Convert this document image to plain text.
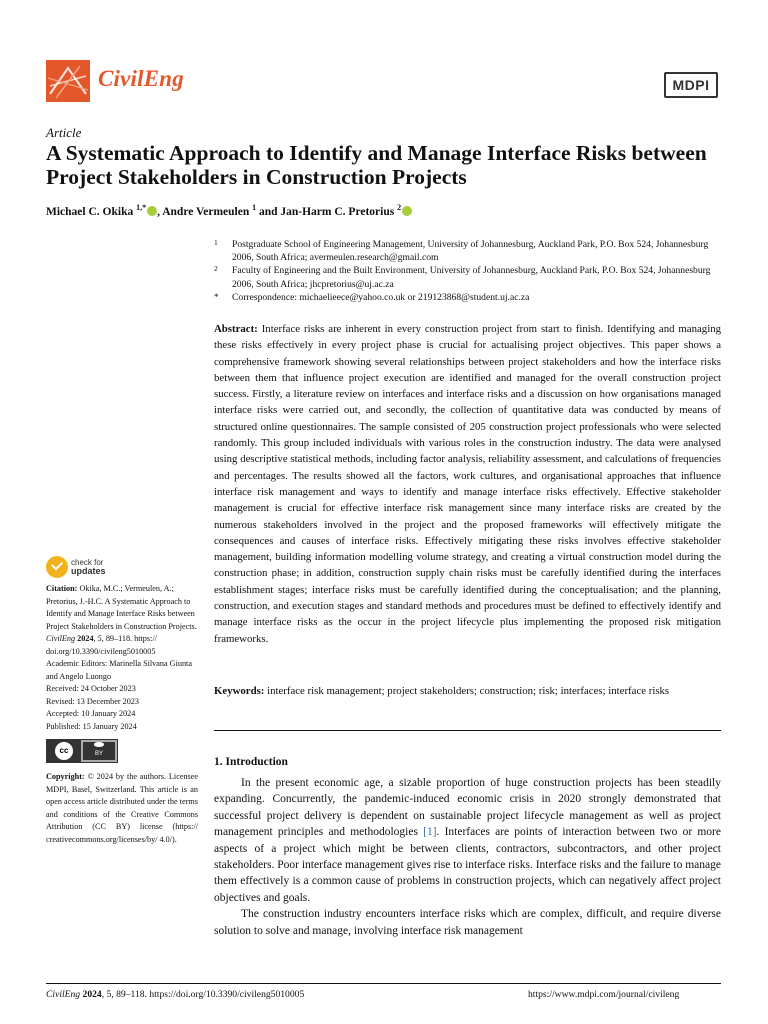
CivilEng	MDPI
Article
A Systematic Approach to Identify and Manage Interface Risks between Project Stakeholders in Construction Projects
Michael C. Okika $^{1,*}$ , Andre Vermeulen $^1$ and Jan-Harm C. Pretorius $^2$
1 Postgraduate School of Engineering Management, University of Johannesburg, Auckland Park, P.O. Box 524, Johannesburg 2006, South Africa; avermeulen.research@gmail.com
2 Faculty of Engineering and the Built Environment, University of Johannesburg, Auckland Park, P.O. Box 524, Johannesburg 2006, South Africa; jhcpretorius@uj.ac.za
* Correspondence: michaelieece@yahoo.co.uk or 219123868@student.uj.ac.za
Abstract: Interface risks are inherent in every construction project from start to finish. Identifying and managing these risks effectively in every project phase is crucial for actualising project objectives. This paper shows a comprehensive framework showing several relationships between project stakeholders and how the interface risks between them that influence project execution are identified and managed for the overall construction project success. Firstly, a literature review on interfaces and interface risks and a discussion on how organisations managed interface risks were carried out, and secondly, the collection of quantitative data was conducted by means of structured online questionnaires. The sample consisted of 205 construction project professionals who were selected randomly. This group included individuals with various roles in the construction industry. The data were analysed using descriptive statistical methods, including factor analysis, reliability assessment, and calculations of frequencies and percentages. The results showed all the factors, work cultures, and organisational approaches that influence interface risk management and ways to identify and manage interface risks effectively. Effective stakeholder management is crucial for effective interface risk management since many interface risks are created by the numerous stakeholders involved in the project and the proposed frameworks will effectively mitigate the consequences and causes of interface risks. Effectively mitigating these risks involves effective stakeholder management, building information modelling volume strategy, and creating a virtual construction model during the construction phase; in addition, construction supply chain risks must be carefully identified during the interfaces establishment stages; interface risks must be carefully identified during the conceptualisation; and the planning, construction, and execution stages and standard methods and procedures must be defined to effectively identify and manage interface risks as the occur in the project lifecycle plus implementing the proposed risk mitigation frameworks.
Keywords: interface risk management; project stakeholders; construction; risk; interfaces; interface risks
1. Introduction

In the present economic age, a sizable proportion of huge construction projects has been steadily expanding. Concurrently, the pandemic-induced economic crisis in 2020 strongly demonstrated that successful project delivery is dependent on sustainable project lifecycle management as well as project management principles and methodologies [1]. Interfaces are points of interaction between two or more aspects of a project which might be between clients, contractors, subcontractors, and other project stakeholders. Poor interface management gives rise to interface risks. Interface risks and the failure to manage them effectively is a common cause of problems in construction projects, which can negatively affect project objectives and goals.

The construction industry encounters interface risks which are complex, difficult, and require diverse solution to solve and manage, involving interface risk management

check for
updates

Citation: Okika, M.C.; Vermeulen, A.; Pretorius, J.-H.C. A Systematic Approach to Identify and Manage Interface Risks between Project Stakeholders in Construction Projects. CivilEng 2024, 5, 89–118. https:// doi.org/10.3390/civileng5010005

Academic Editors: Marinella Silvana Giunta and Angelo Luongo

Received: 24 October 2023

Revised: 13 December 2023

Accepted: 10 January 2024

Published: 15 January 2024

cc	BY

Copyright: © 2024 by the authors. Licensee MDPI, Basel, Switzerland. This article is an open access article distributed under the terms and conditions of the Creative Commons Attribution (CC BY) license (https:// creativecommons.org/licenses/by/ 4.0/).

CivilEng 2024, 5, 89–118. https://doi.org/10.3390/civileng5010005	https://www.mdpi.com/journal/civileng
